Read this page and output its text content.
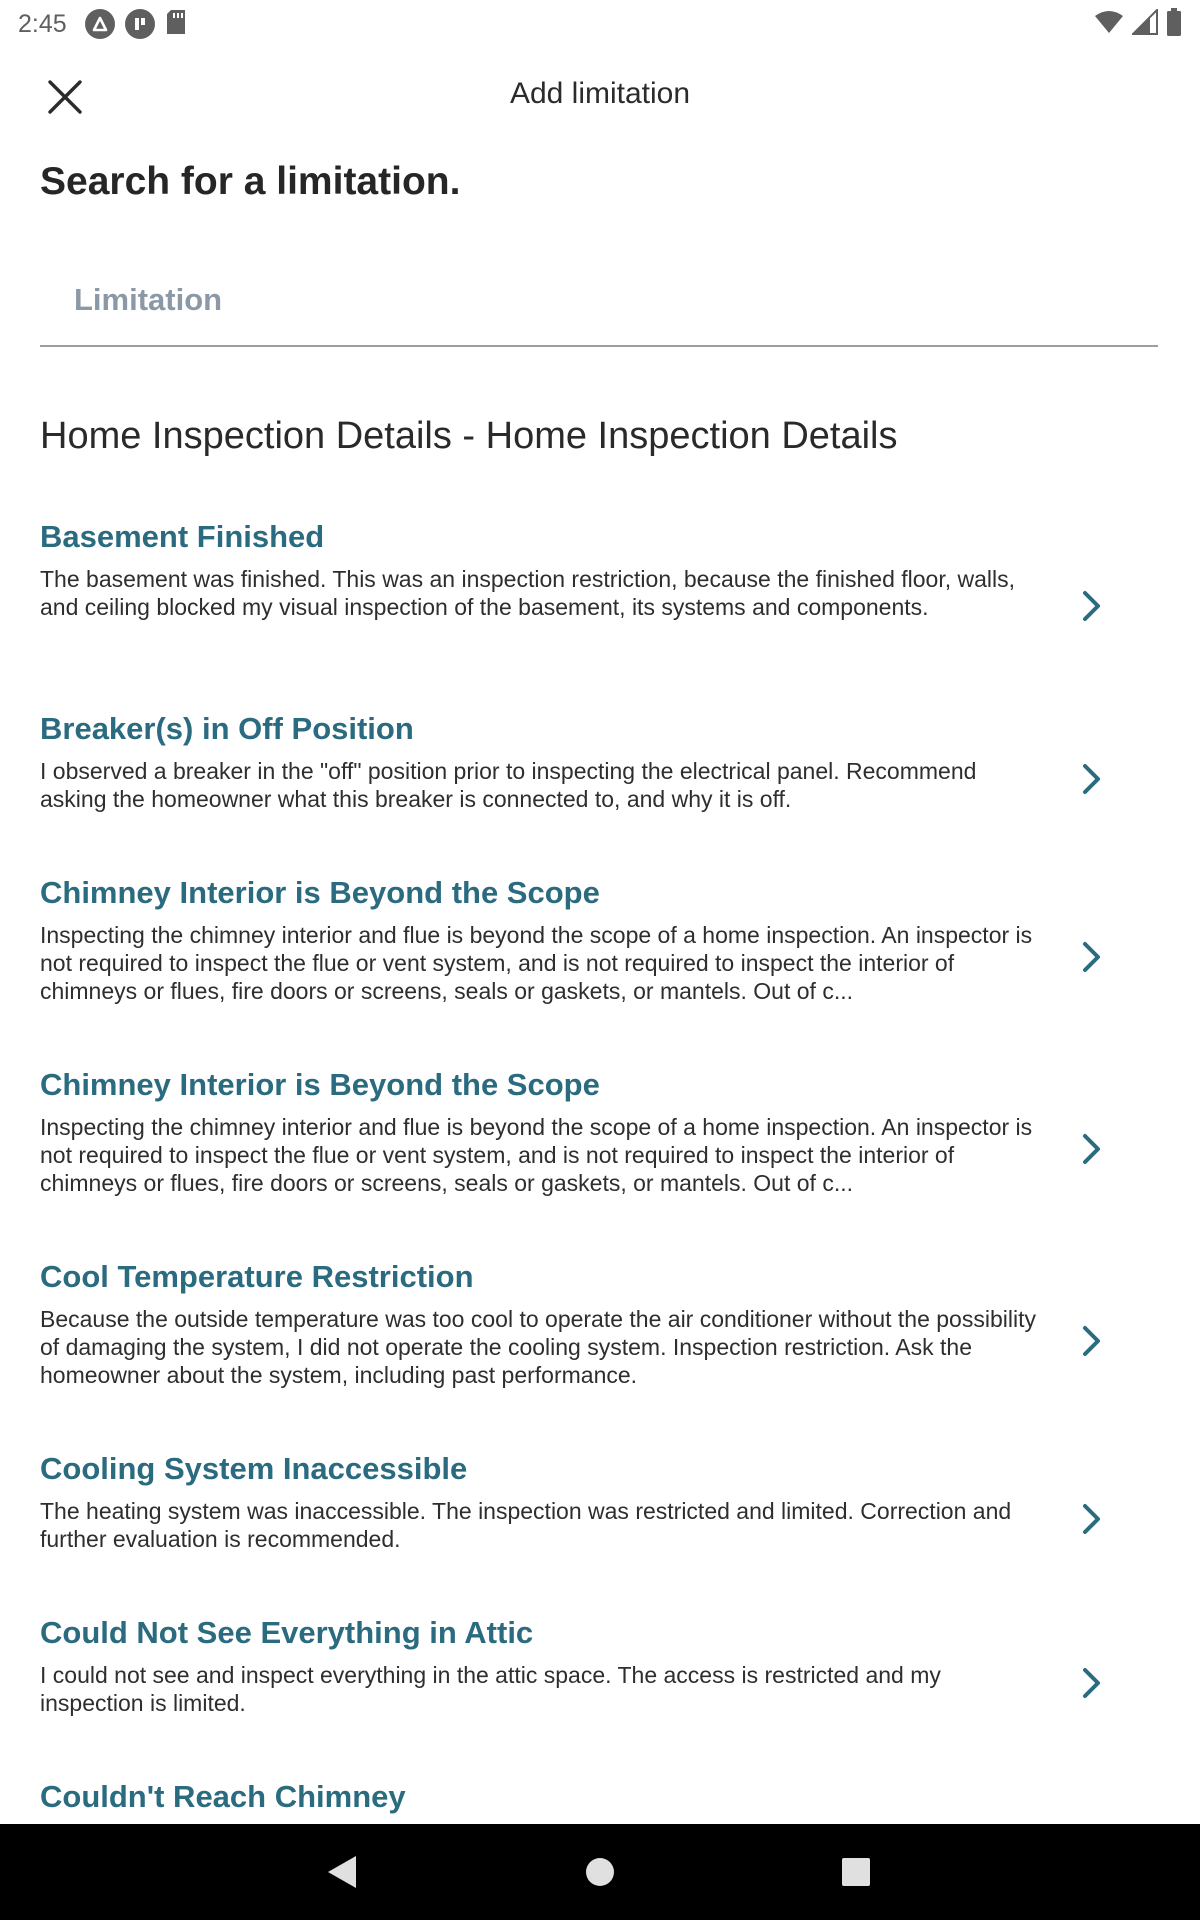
2:45
Add limitation
Search for a limitation.
Limitation
Home Inspection Details - Home Inspection Details
Basement Finished
The basement was finished. This was an inspection restriction, because the finished floor, walls, and ceiling blocked my visual inspection of the basement, its systems and components.
Breaker(s) in Off Position
I observed a breaker in the "off" position prior to inspecting the electrical panel. Recommend asking the homeowner what this breaker is connected to, and why it is off.
Chimney Interior is Beyond the Scope
Inspecting the chimney interior and flue is beyond the scope of a home inspection. An inspector is not required to inspect the flue or vent system, and is not required to inspect the interior of chimneys or flues, fire doors or screens, seals or gaskets, or mantels. Out of c...
Chimney Interior is Beyond the Scope
Inspecting the chimney interior and flue is beyond the scope of a home inspection. An inspector is not required to inspect the flue or vent system, and is not required to inspect the interior of chimneys or flues, fire doors or screens, seals or gaskets, or mantels. Out of c...
Cool Temperature Restriction
Because the outside temperature was too cool to operate the air conditioner without the possibility of damaging the system, I did not operate the cooling system. Inspection restriction. Ask the homeowner about the system, including past performance.
Cooling System Inaccessible
The heating system was inaccessible. The inspection was restricted and limited. Correction and further evaluation is recommended.
Could Not See Everything in Attic
I could not see and inspect everything in the attic space. The access is restricted and my inspection is limited.
Couldn't Reach Chimney
